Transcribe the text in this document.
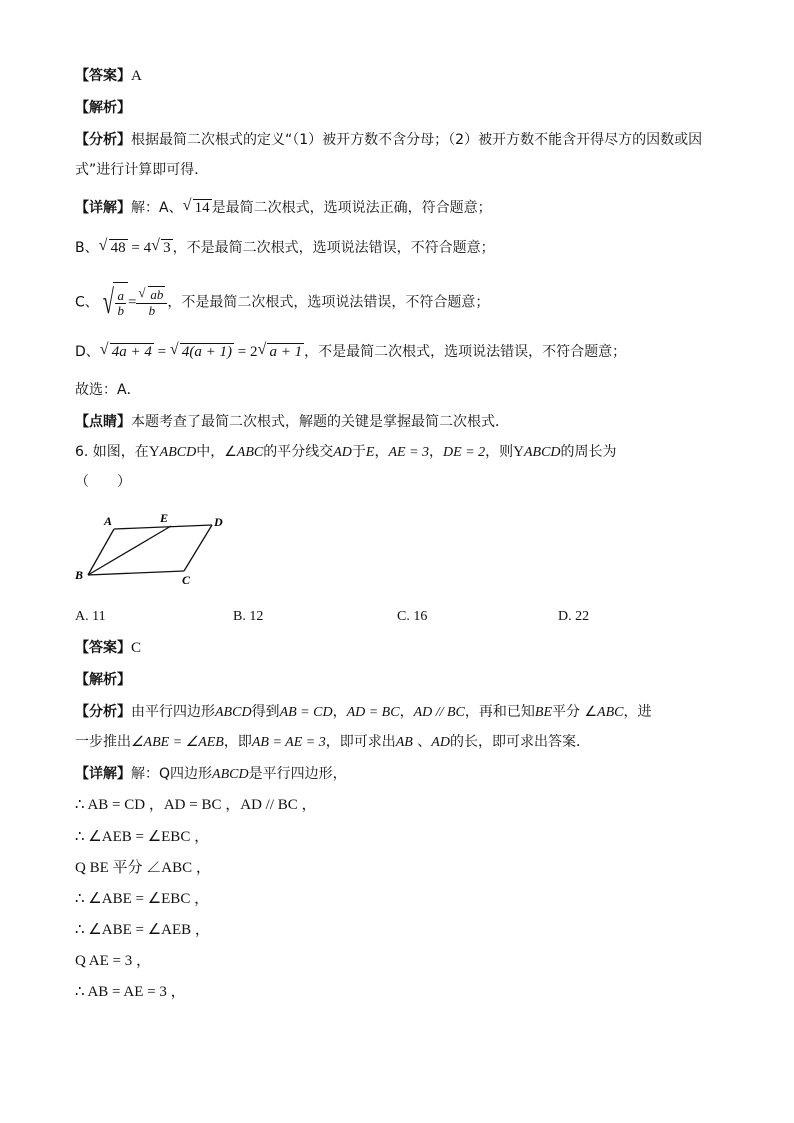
【答案】A
【解析】
【分析】根据最简二次根式的定义“（1）被开方数不含分母；（2）被开方数不能含开得尽方的因数或因
式”进行计算即可得．
【详解】解：A、 √ 14 是最简二次根式，选项说法正确，符合题意；
B、 √ 48 = 4 √ 3 ，不是最简二次根式，选项说法错误，不符合题意；
C、 √ $\frac{a}{b} = \frac{√ ab}{b}$ ，不是最简二次根式，选项说法错误，不符合题意；
D、 √ 4a + 4 = √ 4(a + 1) = 2 √ a + 1 ，不是最简二次根式，选项说法错误，不符合题意；
故选：A．
【点睛】本题考查了最简二次根式，解题的关键是掌握最简二次根式．
6. 如图，在YABCD中，∠ABC的平分线交AD于E，AE = 3，DE = 2，则YABCD的周长为
（　　）
A	E	D
B	C
A. 11	B. 12	C. 16	D. 22
【答案】C
【解析】
【分析】由平行四边形ABCD得到AB = CD，AD = BC，AD // BC，再和已知BE平分 ∠ABC，进
一步推出∠ABE = ∠AEB，即AB = AE = 3，即可求出AB 、AD的长，即可求出答案．
【详解】解：Q四边形ABCD是平行四边形，
∴ AB = CD ，AD = BC ，AD // BC ，
∴ ∠AEB = ∠EBC ，
Q BE 平分 ∠ABC ，
∴ ∠ABE = ∠EBC ，
∴ ∠ABE = ∠AEB ，
Q AE = 3 ，
∴ AB = AE = 3 ，
